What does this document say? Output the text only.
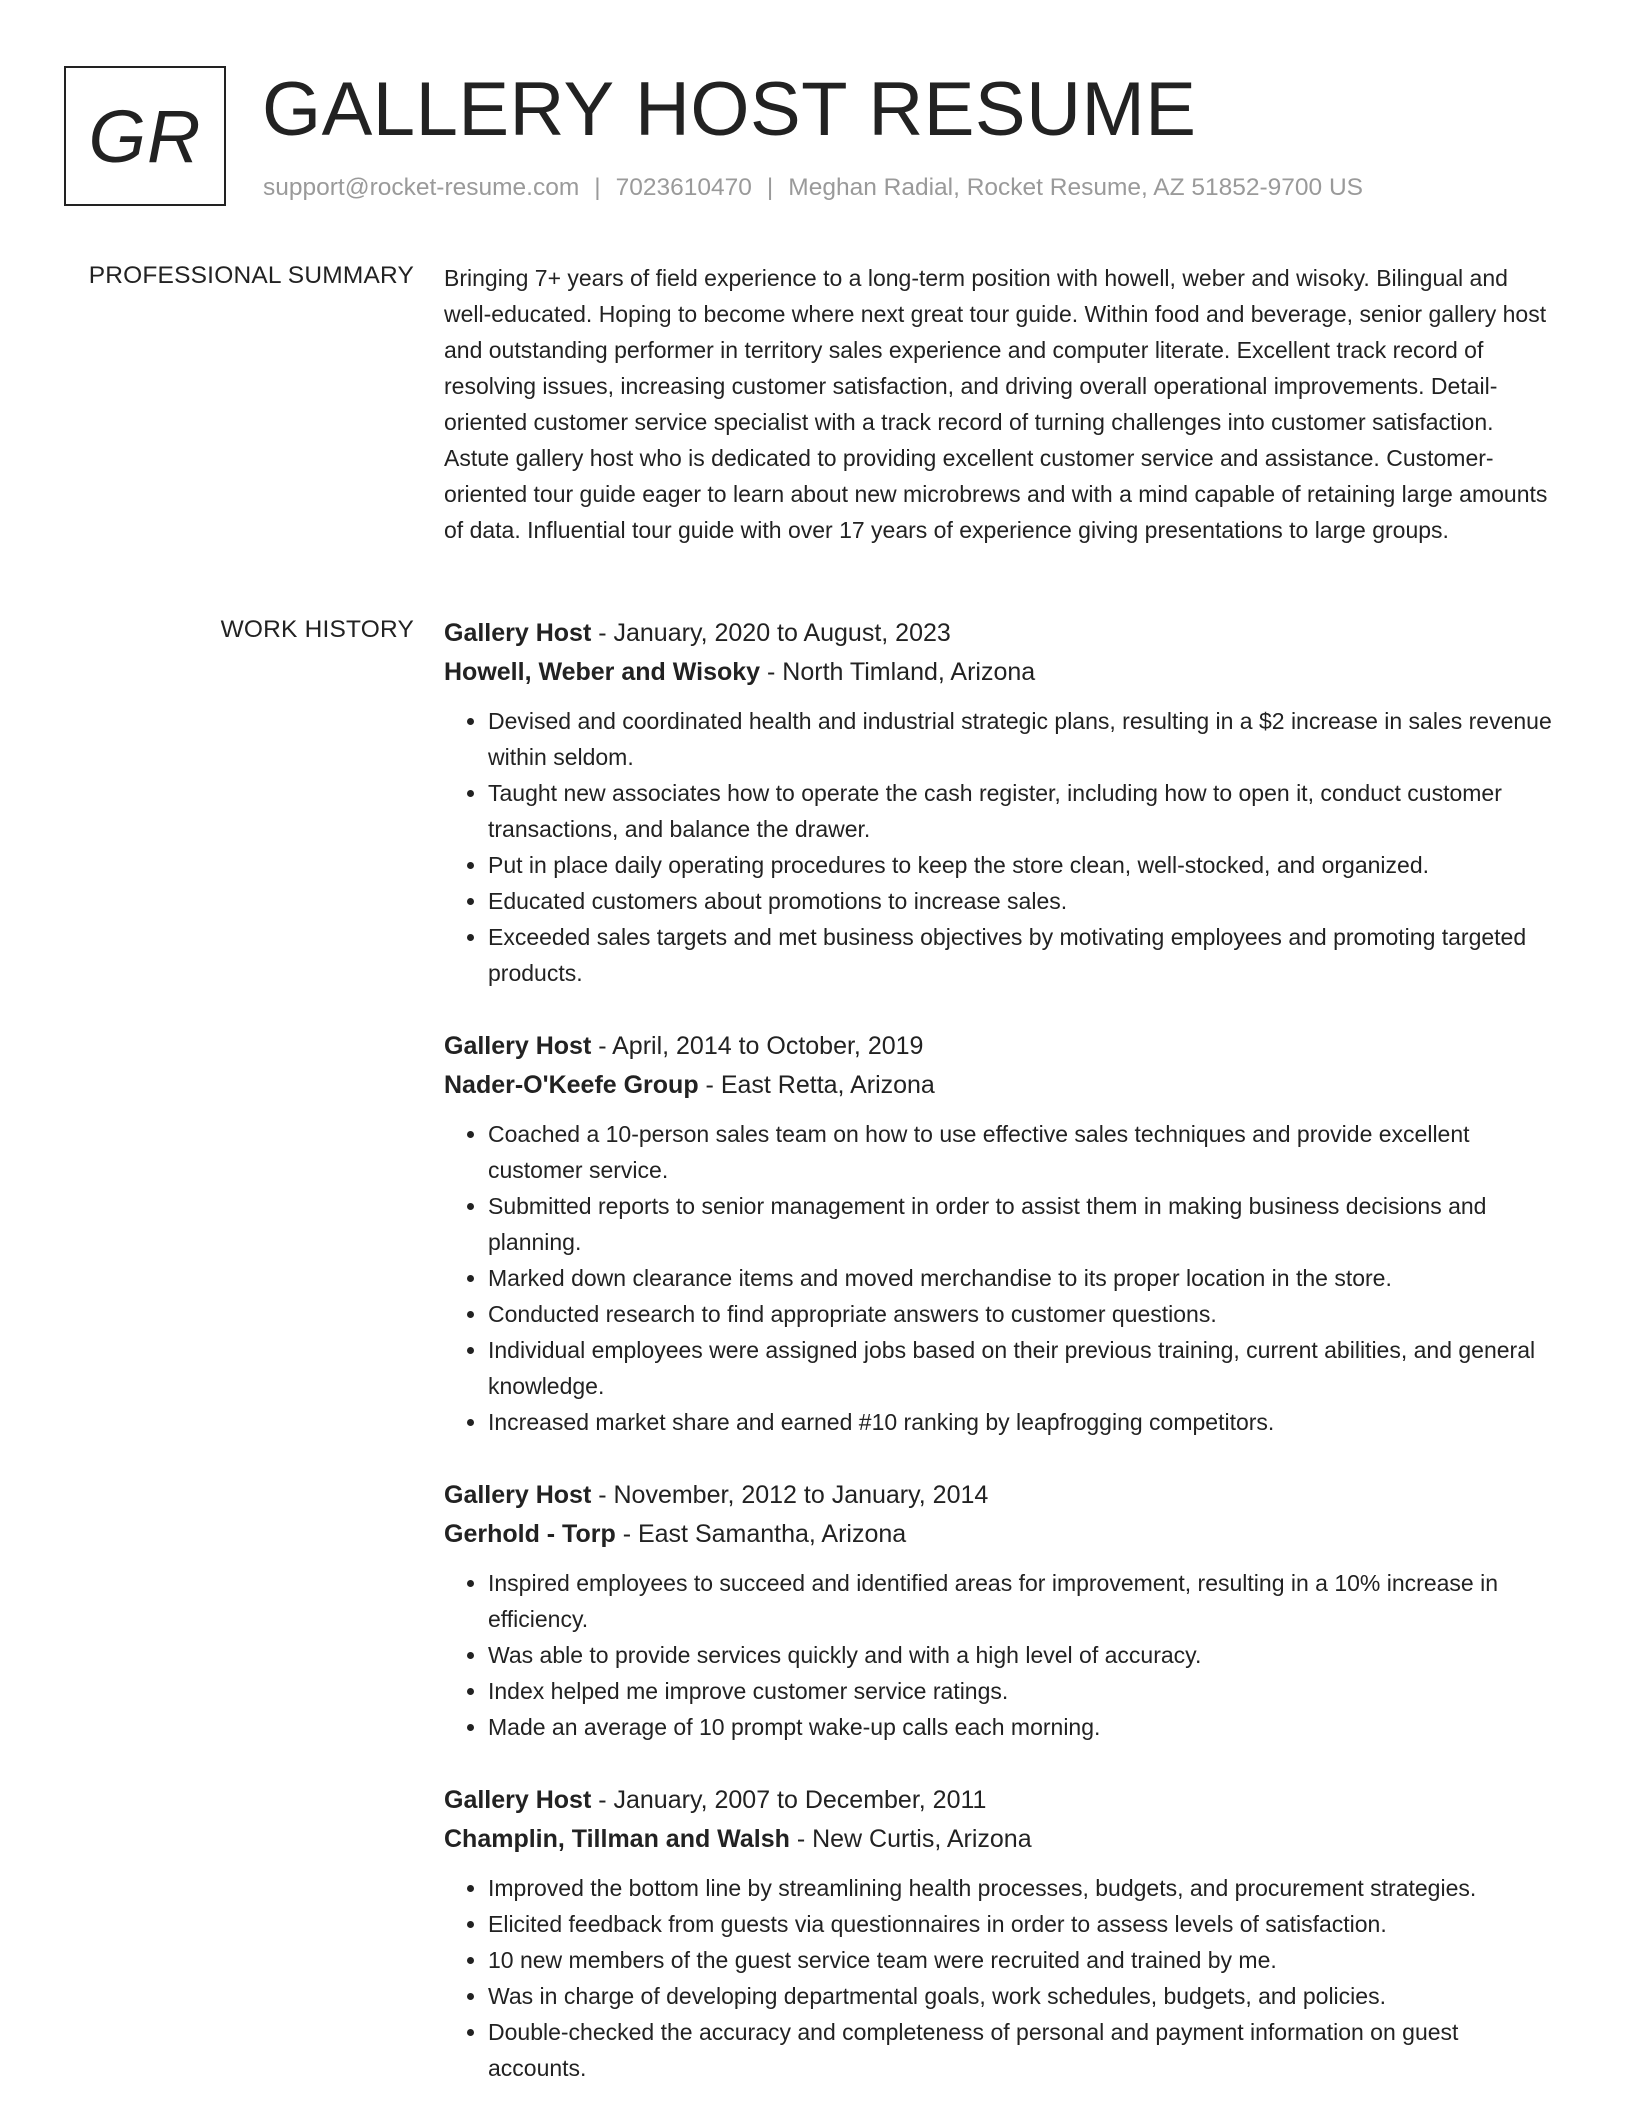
GR GALLERY HOST RESUME
support@rocket-resume.com | 7023610470 | Meghan Radial, Rocket Resume, AZ 51852-9700 US
PROFESSIONAL SUMMARY Bringing 7+ years of field experience to a long-term position with howell, weber and wisoky. Bilingual and well-educated. Hoping to become where next great tour guide. Within food and beverage, senior gallery host and outstanding performer in territory sales experience and computer literate. Excellent track record of resolving issues, increasing customer satisfaction, and driving overall operational improvements. Detail-oriented customer service specialist with a track record of turning challenges into customer satisfaction. Astute gallery host who is dedicated to providing excellent customer service and assistance. Customer-oriented tour guide eager to learn about new microbrews and with a mind capable of retaining large amounts of data. Influential tour guide with over 17 years of experience giving presentations to large groups.

WORK HISTORY Gallery Host - January, 2020 to August, 2023
Howell, Weber and Wisoky - North Timland, Arizona
• Devised and coordinated health and industrial strategic plans, resulting in a $2 increase in sales revenue within seldom.
• Taught new associates how to operate the cash register, including how to open it, conduct customer transactions, and balance the drawer.
• Put in place daily operating procedures to keep the store clean, well-stocked, and organized.
• Educated customers about promotions to increase sales.
• Exceeded sales targets and met business objectives by motivating employees and promoting targeted products.
Gallery Host - April, 2014 to October, 2019
Nader-O'Keefe Group - East Retta, Arizona
• Coached a 10-person sales team on how to use effective sales techniques and provide excellent customer service.
• Submitted reports to senior management in order to assist them in making business decisions and planning.
• Marked down clearance items and moved merchandise to its proper location in the store.
• Conducted research to find appropriate answers to customer questions.
• Individual employees were assigned jobs based on their previous training, current abilities, and general knowledge.
• Increased market share and earned #10 ranking by leapfrogging competitors.
Gallery Host - November, 2012 to January, 2014
Gerhold - Torp - East Samantha, Arizona
• Inspired employees to succeed and identified areas for improvement, resulting in a 10% increase in efficiency.
• Was able to provide services quickly and with a high level of accuracy.
• Index helped me improve customer service ratings.
• Made an average of 10 prompt wake-up calls each morning.
Gallery Host - January, 2007 to December, 2011
Champlin, Tillman and Walsh - New Curtis, Arizona
• Improved the bottom line by streamlining health processes, budgets, and procurement strategies.
• Elicited feedback from guests via questionnaires in order to assess levels of satisfaction.
• 10 new members of the guest service team were recruited and trained by me.
• Was in charge of developing departmental goals, work schedules, budgets, and policies.
• Double-checked the accuracy and completeness of personal and payment information on guest accounts.
